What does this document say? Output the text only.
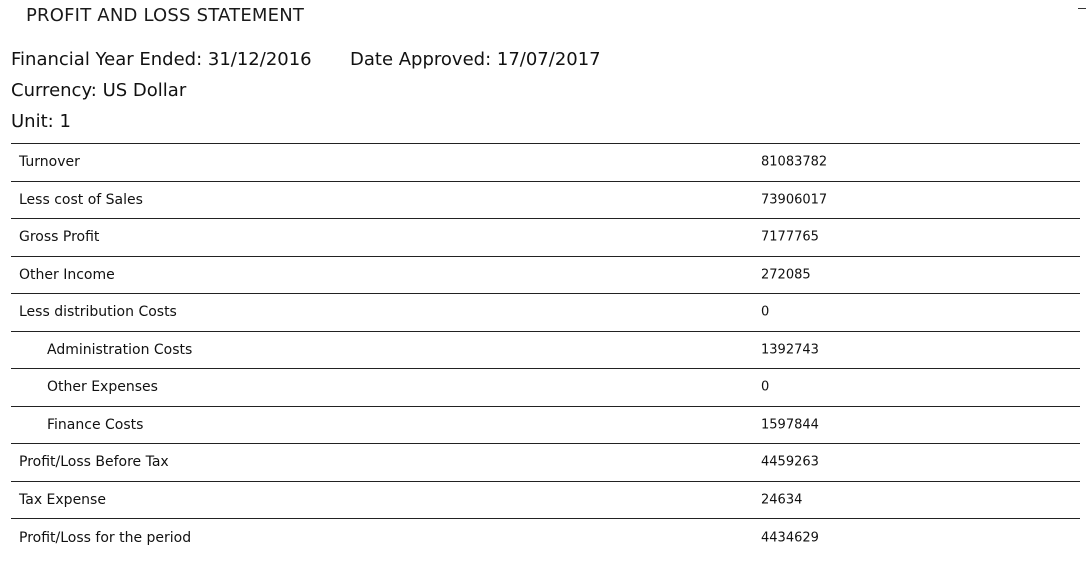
PROFIT AND LOSS STATEMENT
Financial Year Ended: 31/12/2016 Date Approved: 17/07/2017
Currency: US Dollar
Unit: 1
Turnover	81083782
Less cost of Sales	73906017
Gross Profit	7177765
Other Income	272085
Less distribution Costs	0
Administration Costs	1392743
Other Expenses	0
Finance Costs	1597844
Profit/Loss Before Tax	4459263
Tax Expense	24634
Profit/Loss for the period	4434629
